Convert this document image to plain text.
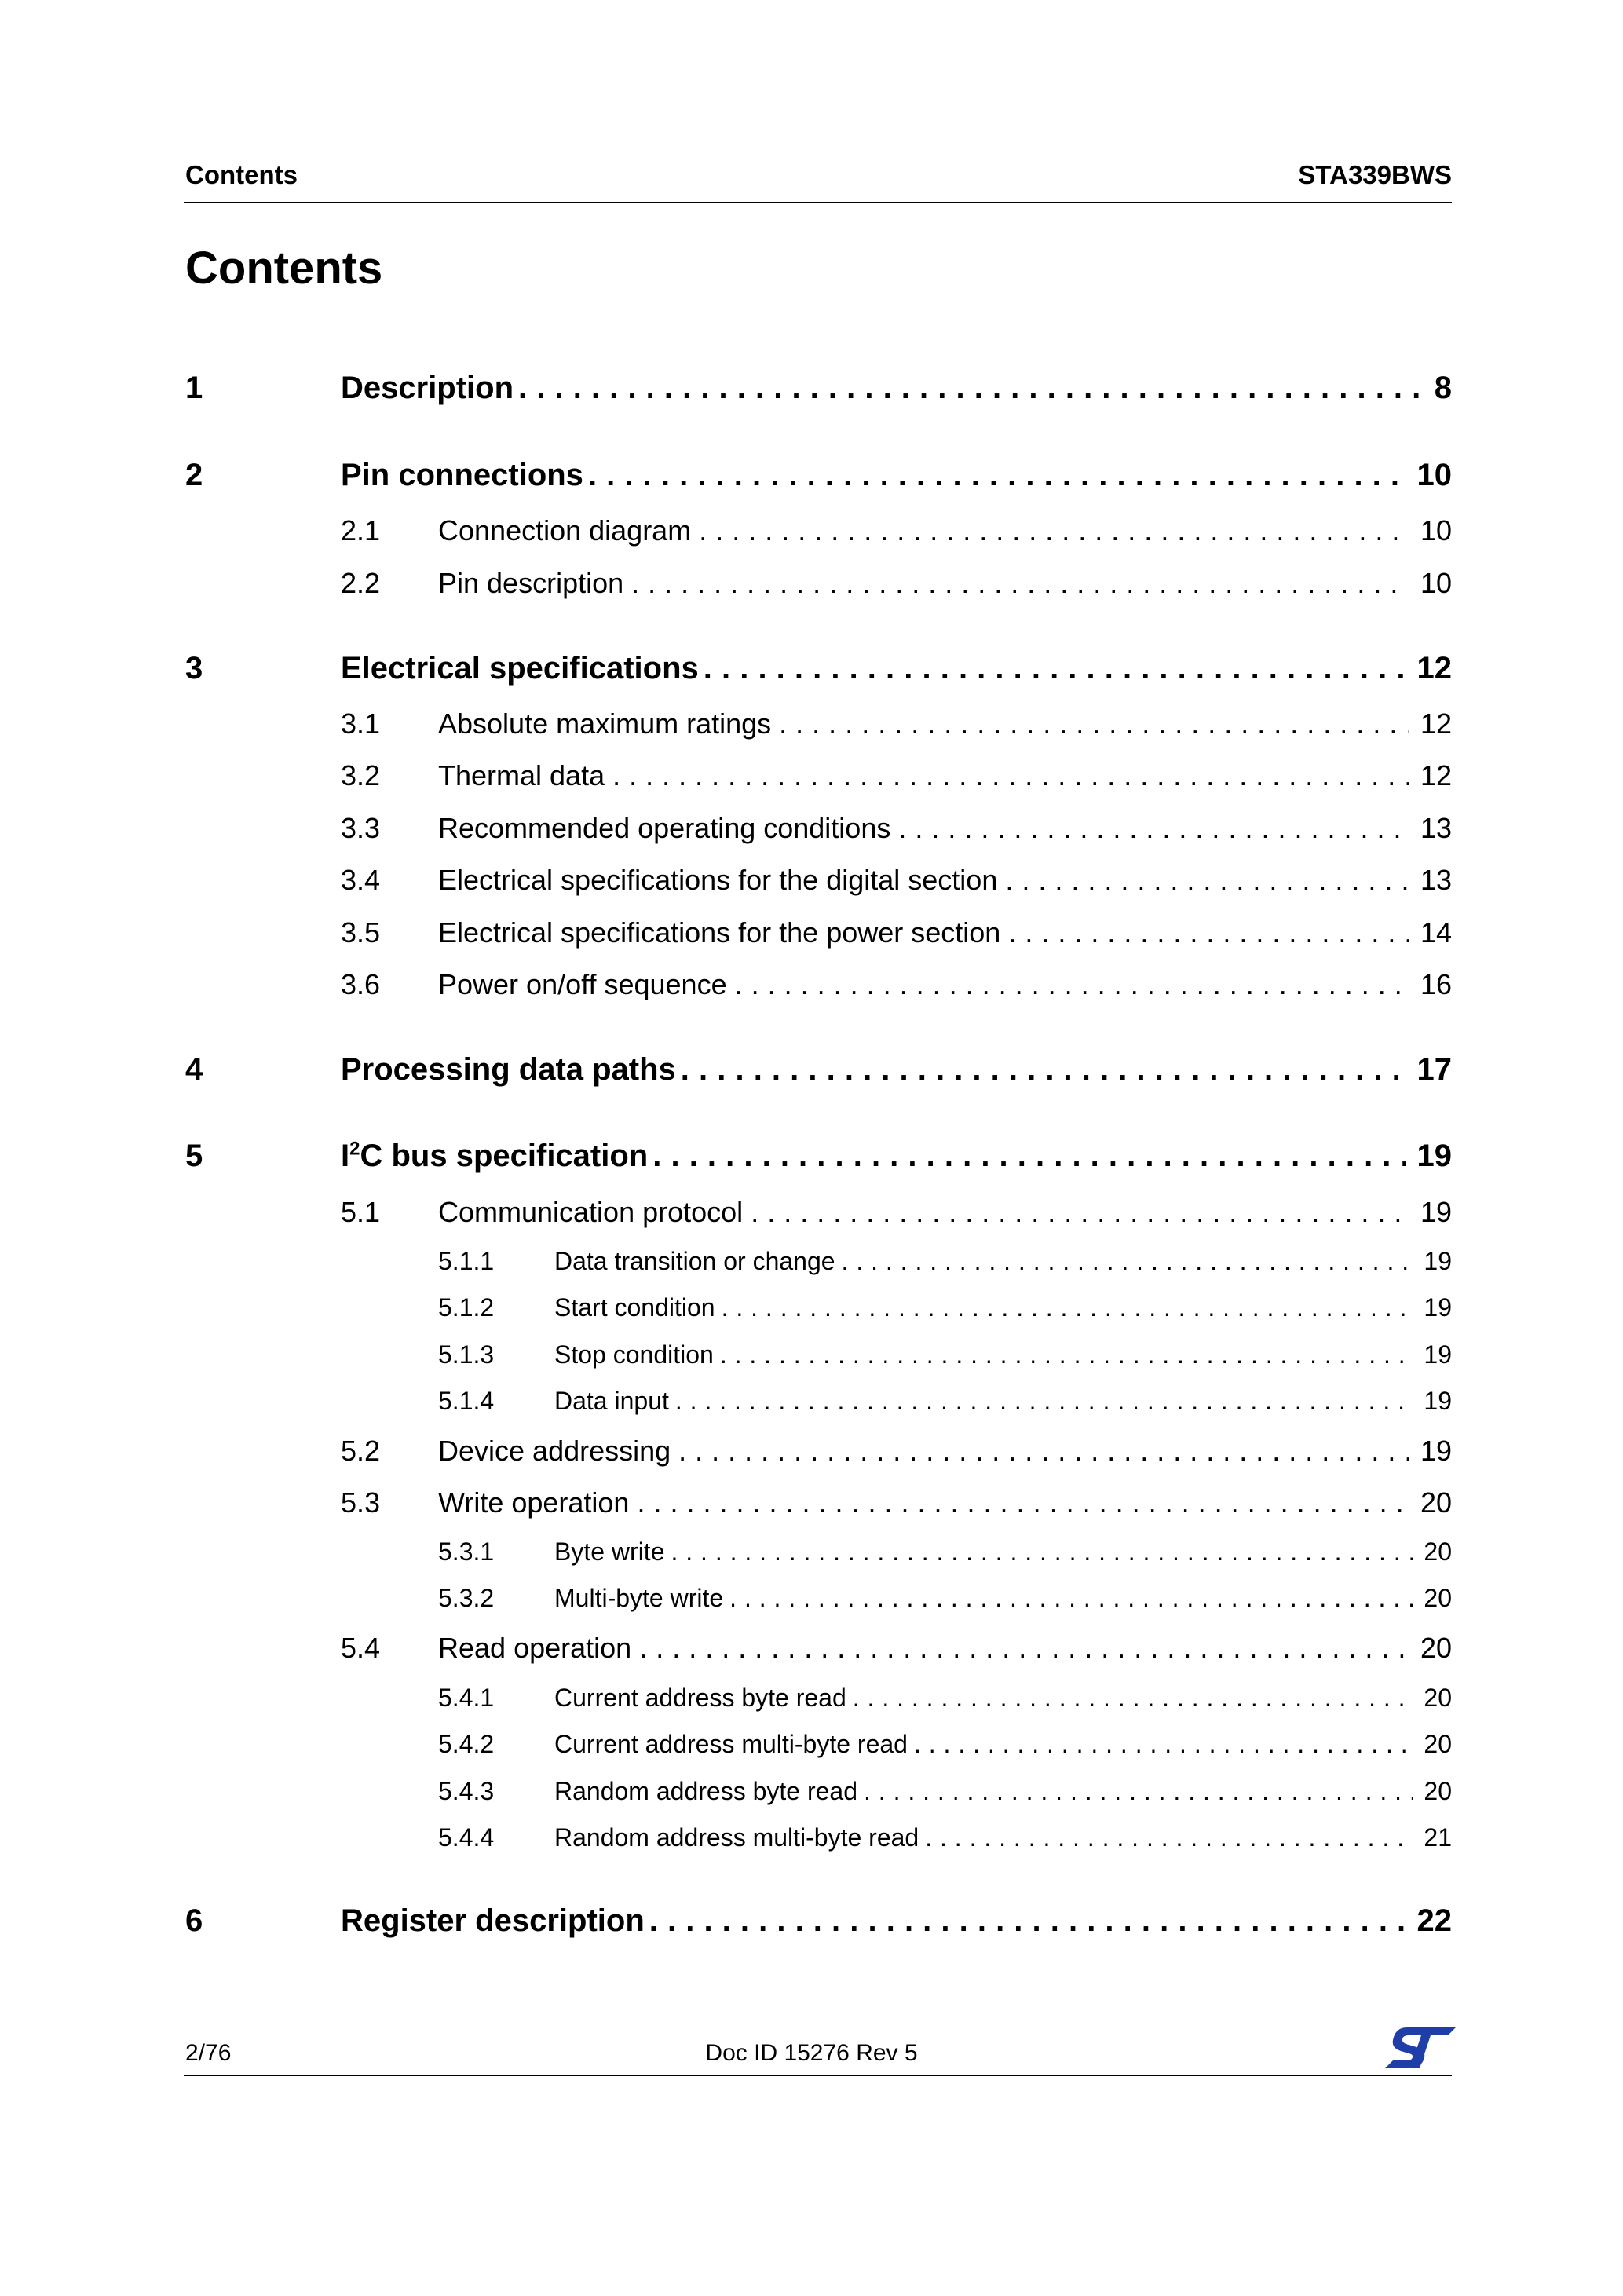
Contents	STA339BWS
Contents
1	Description . . .	8
2	Pin connections . . .	10
2.1 Connection diagram . . .	10
2.2 Pin description . . .	10
3	Electrical specifications . . .	12
3.1 Absolute maximum ratings . . .	12
3.2 Thermal data . . .	12
3.3 Recommended operating conditions . . .	13
3.4 Electrical specifications for the digital section . . .	13
3.5 Electrical specifications for the power section . . .	14
3.6 Power on/off sequence . . .	16
4	Processing data paths . . .	17
5	$I^2C$ bus specification . . .	19
5.1 Communication protocol . . .	19
5.1.1 Data transition or change . . .	19
5.1.2 Start condition . . .	19
5.1.3 Stop condition . . .	19
5.1.4 Data input . . .	19
5.2 Device addressing . . .	19
5.3 Write operation . . .	20
5.3.1 Byte write . . .	20
5.3.2 Multi-byte write . . .	20
5.4 Read operation . . .	20
5.4.1 Current address byte read . . .	20
5.4.2 Current address multi-byte read . . .	20
5.4.3 Random address byte read . . .	20
5.4.4 Random address multi-byte read . . .	21
6	Register description . . .	22
2/76	Doc ID 15276 Rev 5
